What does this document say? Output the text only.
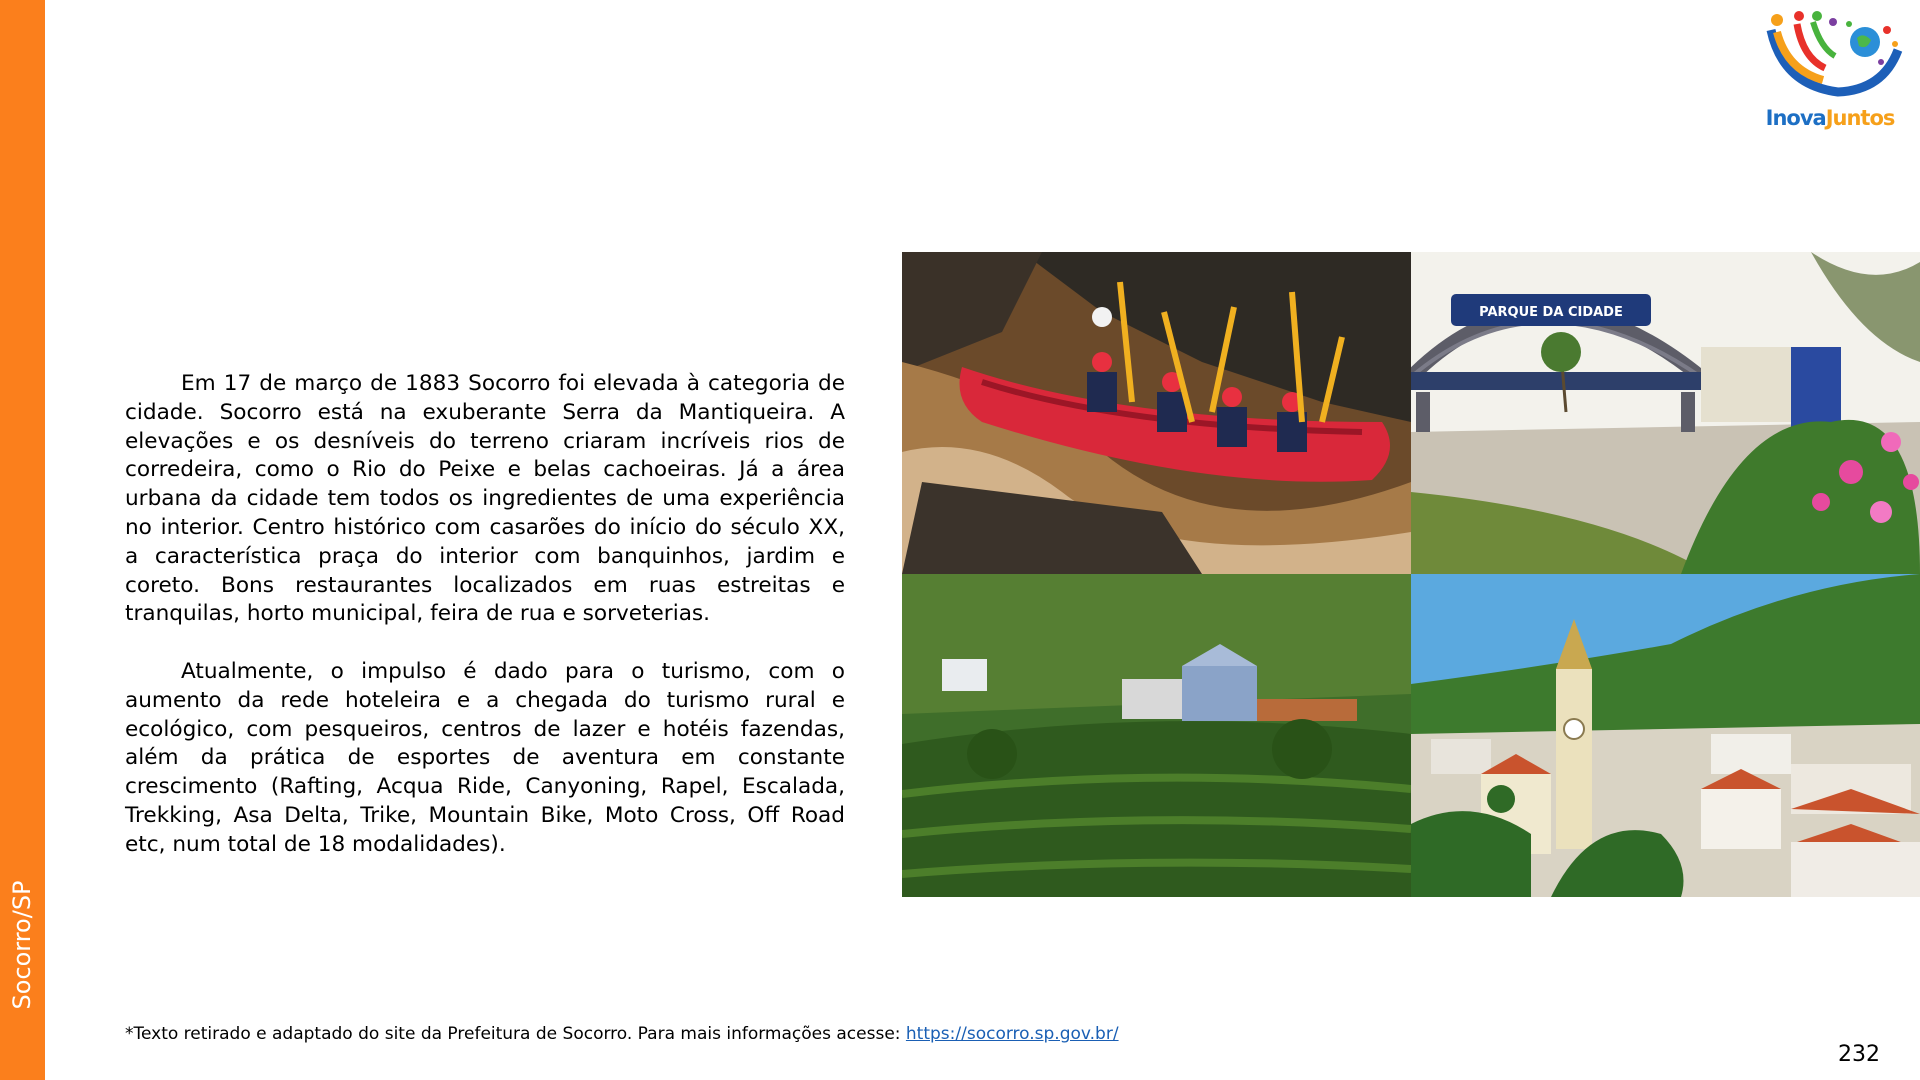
Socorro/SP
InovaJuntos

Em 17 de março de 1883 Socorro foi elevada à categoria de cidade. Socorro está na exuberante Serra da Mantiqueira. A elevações e os desníveis do terreno criaram incríveis rios de corredeira, como o Rio do Peixe e belas cachoeiras. Já a área urbana da cidade tem todos os ingredientes de uma experiência no interior. Centro histórico com casarões do início do século XX, a característica praça do interior com banquinhos, jardim e coreto. Bons restaurantes localizados em ruas estreitas e tranquilas, horto municipal, feira de rua e sorveterias.

Atualmente, o impulso é dado para o turismo, com o aumento da rede hoteleira e a chegada do turismo rural e ecológico, com pesqueiros, centros de lazer e hotéis fazendas, além da prática de esportes de aventura em constante crescimento (Rafting, Acqua Ride, Canyoning, Rapel, Escalada, Trekking, Asa Delta, Trike, Mountain Bike, Moto Cross, Off Road etc, num total de 18 modalidades).

PARQUE DA CIDADE
*Texto retirado e adaptado do site da Prefeitura de Socorro. Para mais informações acesse: https://socorro.sp.gov.br/
232
